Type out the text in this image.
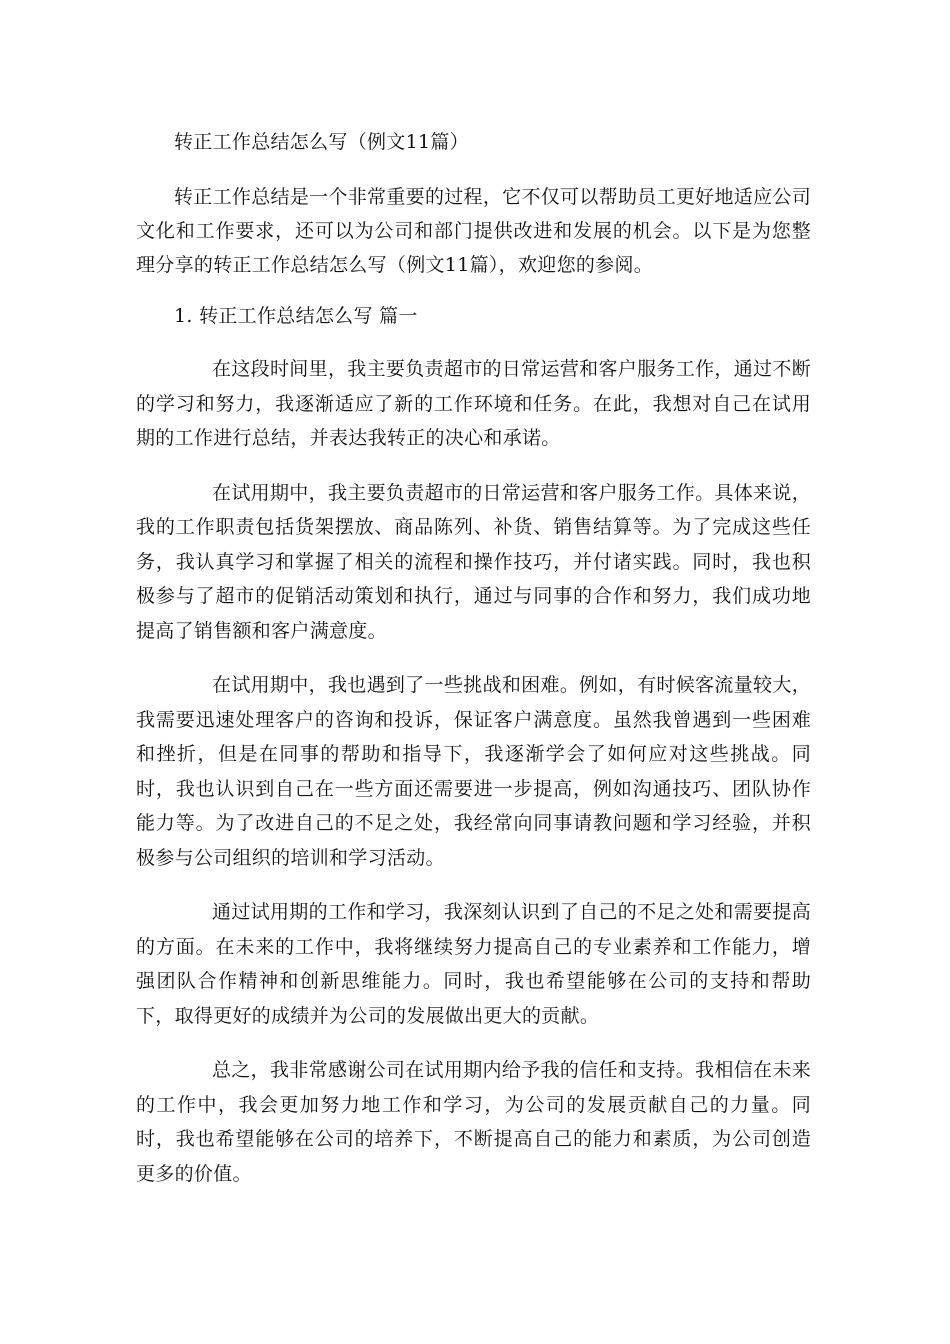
转正工作总结怎么写（例文11篇）

转正工作总结是一个非常重要的过程，它不仅可以帮助员工更好地适应公司文化和工作要求，还可以为公司和部门提供改进和发展的机会。以下是为您整理分享的转正工作总结怎么写（例文11篇），欢迎您的参阅。

1. 转正工作总结怎么写 篇一

在这段时间里，我主要负责超市的日常运营和客户服务工作，通过不断的学习和努力，我逐渐适应了新的工作环境和任务。在此，我想对自己在试用期的工作进行总结，并表达我转正的决心和承诺。

在试用期中，我主要负责超市的日常运营和客户服务工作。具体来说，我的工作职责包括货架摆放、商品陈列、补货、销售结算等。为了完成这些任务，我认真学习和掌握了相关的流程和操作技巧，并付诸实践。同时，我也积极参与了超市的促销活动策划和执行，通过与同事的合作和努力，我们成功地提高了销售额和客户满意度。

在试用期中，我也遇到了一些挑战和困难。例如，有时候客流量较大，我需要迅速处理客户的咨询和投诉，保证客户满意度。虽然我曾遇到一些困难和挫折，但是在同事的帮助和指导下，我逐渐学会了如何应对这些挑战。同时，我也认识到自己在一些方面还需要进一步提高，例如沟通技巧、团队协作能力等。为了改进自己的不足之处，我经常向同事请教问题和学习经验，并积极参与公司组织的培训和学习活动。

通过试用期的工作和学习，我深刻认识到了自己的不足之处和需要提高的方面。在未来的工作中，我将继续努力提高自己的专业素养和工作能力，增强团队合作精神和创新思维能力。同时，我也希望能够在公司的支持和帮助下，取得更好的成绩并为公司的发展做出更大的贡献。

总之，我非常感谢公司在试用期内给予我的信任和支持。我相信在未来的工作中，我会更加努力地工作和学习，为公司的发展贡献自己的力量。同时，我也希望能够在公司的培养下，不断提高自己的能力和素质，为公司创造更多的价值。
